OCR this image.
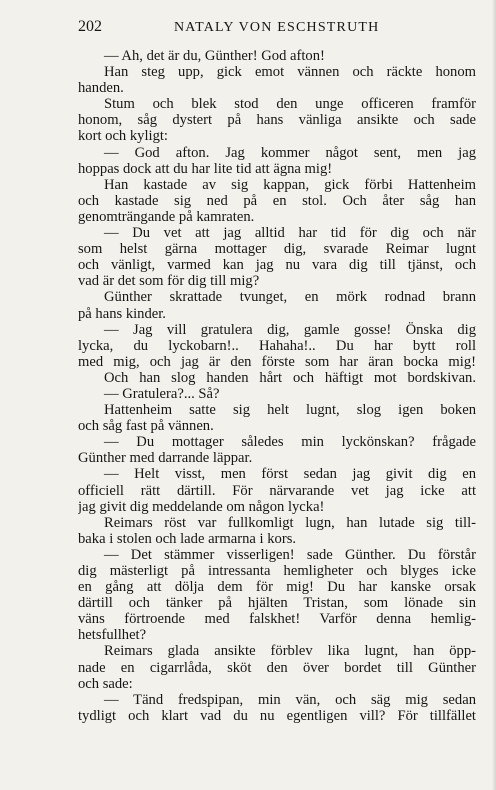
202	NATALY VON ESCHSTRUTH
— Ah, det är du, Günther! God afton!
Han steg upp, gick emot vännen och räckte honom
handen.
Stum och blek stod den unge officeren framför
honom, såg dystert på hans vänliga ansikte och sade
kort och kyligt:
— God afton. Jag kommer något sent, men jag
hoppas dock att du har lite tid att ägna mig!
Han kastade av sig kappan, gick förbi Hattenheim
och kastade sig ned på en stol. Och åter såg han
genomträngande på kamraten.
— Du vet att jag alltid har tid för dig och när
som helst gärna mottager dig, svarade Reimar lugnt
och vänligt, varmed kan jag nu vara dig till tjänst, och
vad är det som för dig till mig?
Günther skrattade tvunget, en mörk rodnad brann
på hans kinder.
— Jag vill gratulera dig, gamle gosse! Önska dig
lycka, du lyckobarn!.. Hahaha!.. Du har bytt roll
med mig, och jag är den förste som har äran bocka mig!
Och han slog handen hårt och häftigt mot bordskivan.
— Gratulera?... Så?
Hattenheim satte sig helt lugnt, slog igen boken
och såg fast på vännen.
— Du mottager således min lyckönskan? frågade
Günther med darrande läppar.
— Helt visst, men först sedan jag givit dig en
officiell rätt därtill. För närvarande vet jag icke att
jag givit dig meddelande om någon lycka!
Reimars röst var fullkomligt lugn, han lutade sig till-
baka i stolen och lade armarna i kors.
— Det stämmer visserligen! sade Günther. Du förstår
dig mästerligt på intressanta hemligheter och blyges icke
en gång att dölja dem för mig! Du har kanske orsak
därtill och tänker på hjälten Tristan, som lönade sin
väns förtroende med falskhet! Varför denna hemlig-
hetsfullhet?
Reimars glada ansikte förblev lika lugnt, han öpp-
nade en cigarrlåda, sköt den över bordet till Günther
och sade:
— Tänd fredspipan, min vän, och säg mig sedan
tydligt och klart vad du nu egentligen vill? För tillfället
